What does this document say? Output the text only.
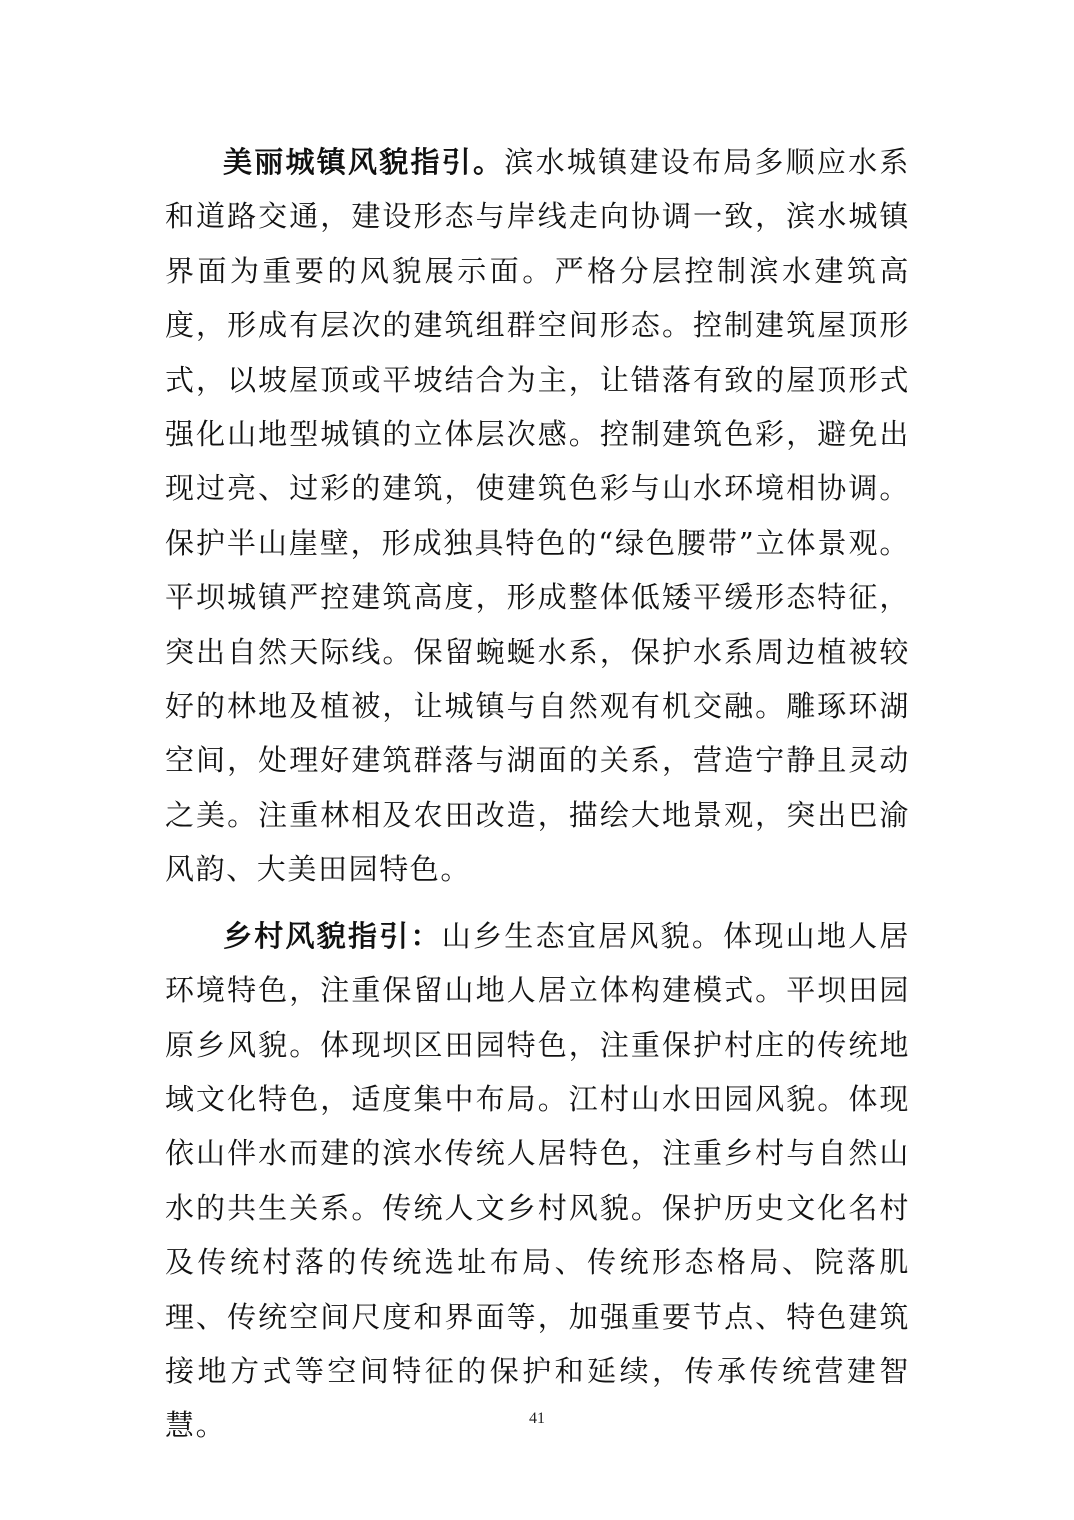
美丽城镇风貌指引。滨水城镇建设布局多顺应水系和道路交通，建设形态与岸线走向协调一致，滨水城镇界面为重要的风貌展示面。严格分层控制滨水建筑高度，形成有层次的建筑组群空间形态。控制建筑屋顶形式，以坡屋顶或平坡结合为主，让错落有致的屋顶形式强化山地型城镇的立体层次感。控制建筑色彩，避免出现过亮、过彩的建筑，使建筑色彩与山水环境相协调。保护半山崖壁，形成独具特色的“绿色腰带”立体景观。平坝城镇严控建筑高度，形成整体低矮平缓形态特征，突出自然天际线。保留蜿蜒水系，保护水系周边植被较好的林地及植被，让城镇与自然观有机交融。雕琢环湖空间，处理好建筑群落与湖面的关系，营造宁静且灵动之美。注重林相及农田改造，描绘大地景观，突出巴渝风韵、大美田园特色。

乡村风貌指引：山乡生态宜居风貌。体现山地人居环境特色，注重保留山地人居立体构建模式。平坝田园原乡风貌。体现坝区田园特色，注重保护村庄的传统地域文化特色，适度集中布局。江村山水田园风貌。体现依山伴水而建的滨水传统人居特色，注重乡村与自然山水的共生关系。传统人文乡村风貌。保护历史文化名村及传统村落的传统选址布局、传统形态格局、院落肌理、传统空间尺度和界面等，加强重要节点、特色建筑接地方式等空间特征的保护和延续，传承传统营建智慧。	41
